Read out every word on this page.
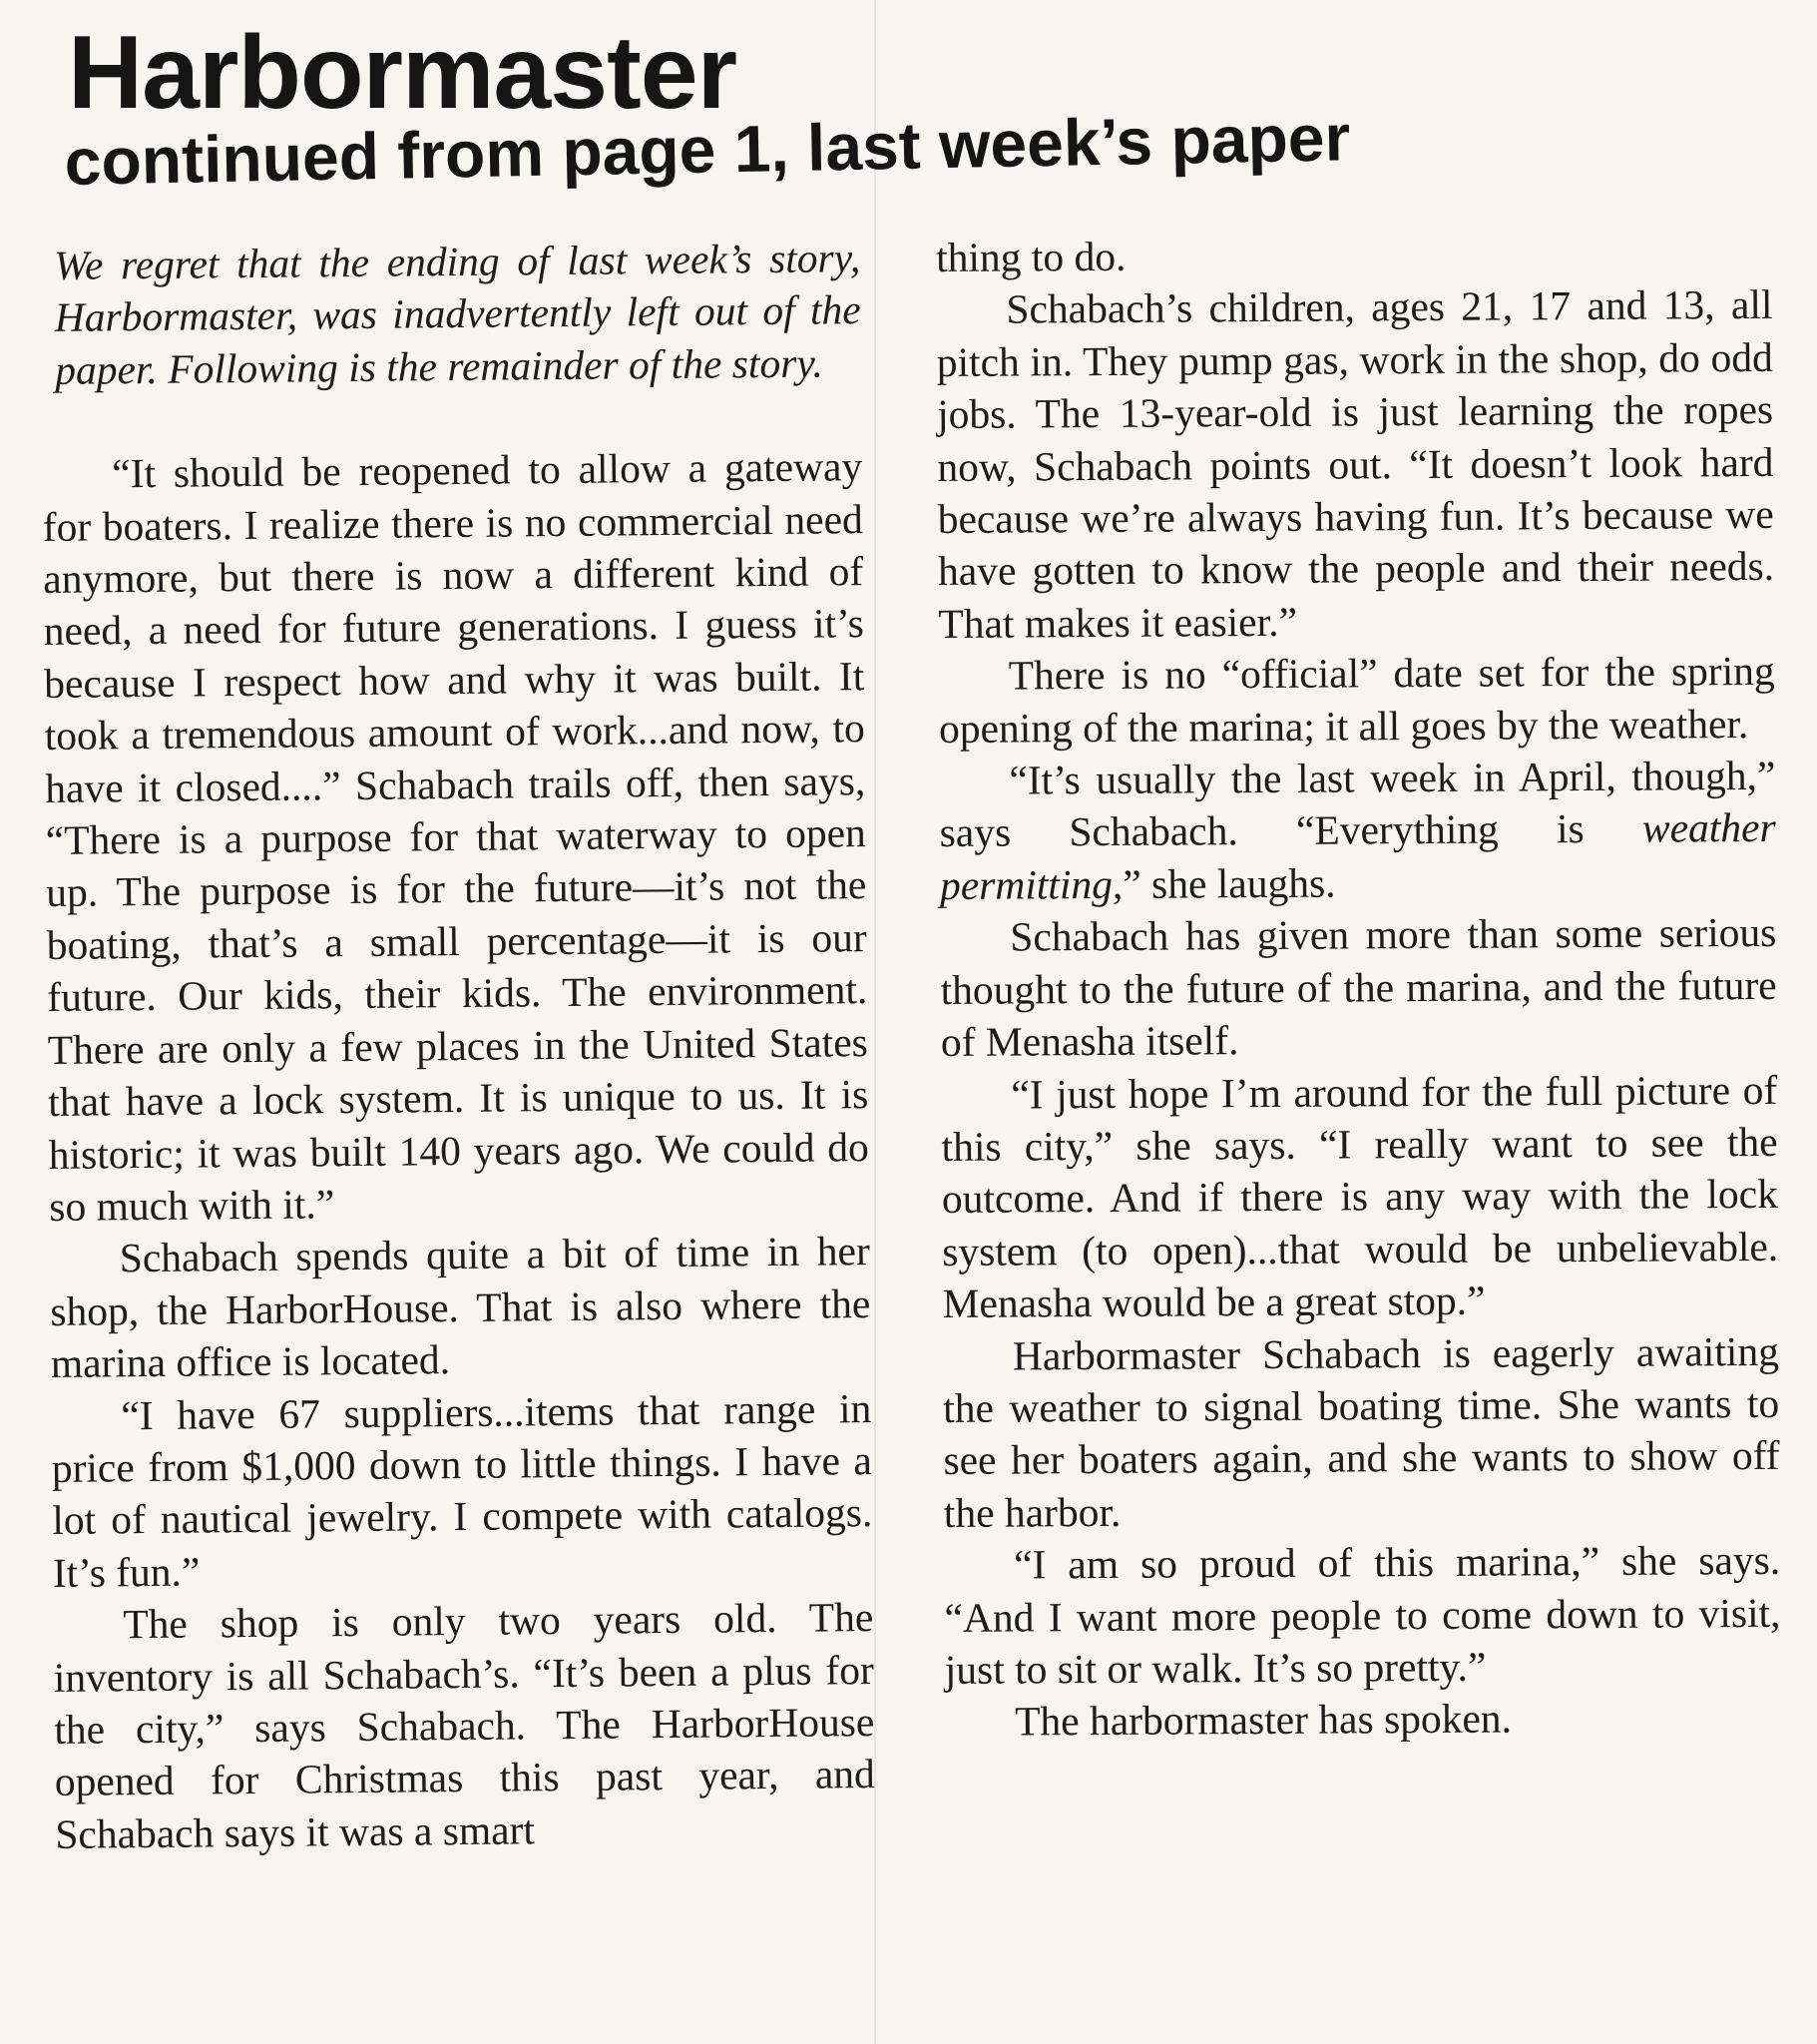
Harbormaster
continued from page 1, last week’s paper

We regret that the ending of last week’s story, Harbormaster, was inadvertently left out of the paper. Following is the remainder of the story.

“It should be reopened to allow a gateway for boaters. I realize there is no commercial need anymore, but there is now a different kind of need, a need for future generations. I guess it’s because I respect how and why it was built. It took a tremendous amount of work...and now, to have it closed....” Schabach trails off, then says, “There is a purpose for that waterway to open up. The purpose is for the future—it’s not the boating, that’s a small percentage—it is our future. Our kids, their kids. The environment. There are only a few places in the United States that have a lock system. It is unique to us. It is historic; it was built 140 years ago. We could do so much with it.”

Schabach spends quite a bit of time in her shop, the HarborHouse. That is also where the marina office is located.

“I have 67 suppliers...items that range in price from $1,000 down to little things. I have a lot of nautical jewelry. I compete with catalogs. It’s fun.”

The shop is only two years old. The inventory is all Schabach’s. “It’s been a plus for the city,” says Schabach. The HarborHouse opened for Christmas this past year, and Schabach says it was a smart

thing to do.

Schabach’s children, ages 21, 17 and 13, all pitch in. They pump gas, work in the shop, do odd jobs. The 13-year-old is just learning the ropes now, Schabach points out. “It doesn’t look hard because we’re always having fun. It’s because we have gotten to know the people and their needs. That makes it easier.”

There is no “official” date set for the spring opening of the marina; it all goes by the weather.

“It’s usually the last week in April, though,” says Schabach. “Everything is weather permitting,” she laughs.

Schabach has given more than some serious thought to the future of the marina, and the future of Menasha itself.

“I just hope I’m around for the full picture of this city,” she says. “I really want to see the outcome. And if there is any way with the lock system (to open)...that would be unbelievable. Menasha would be a great stop.”

Harbormaster Schabach is eagerly awaiting the weather to signal boating time. She wants to see her boaters again, and she wants to show off the harbor.

“I am so proud of this marina,” she says. “And I want more people to come down to visit, just to sit or walk. It’s so pretty.”

The harbormaster has spoken.
